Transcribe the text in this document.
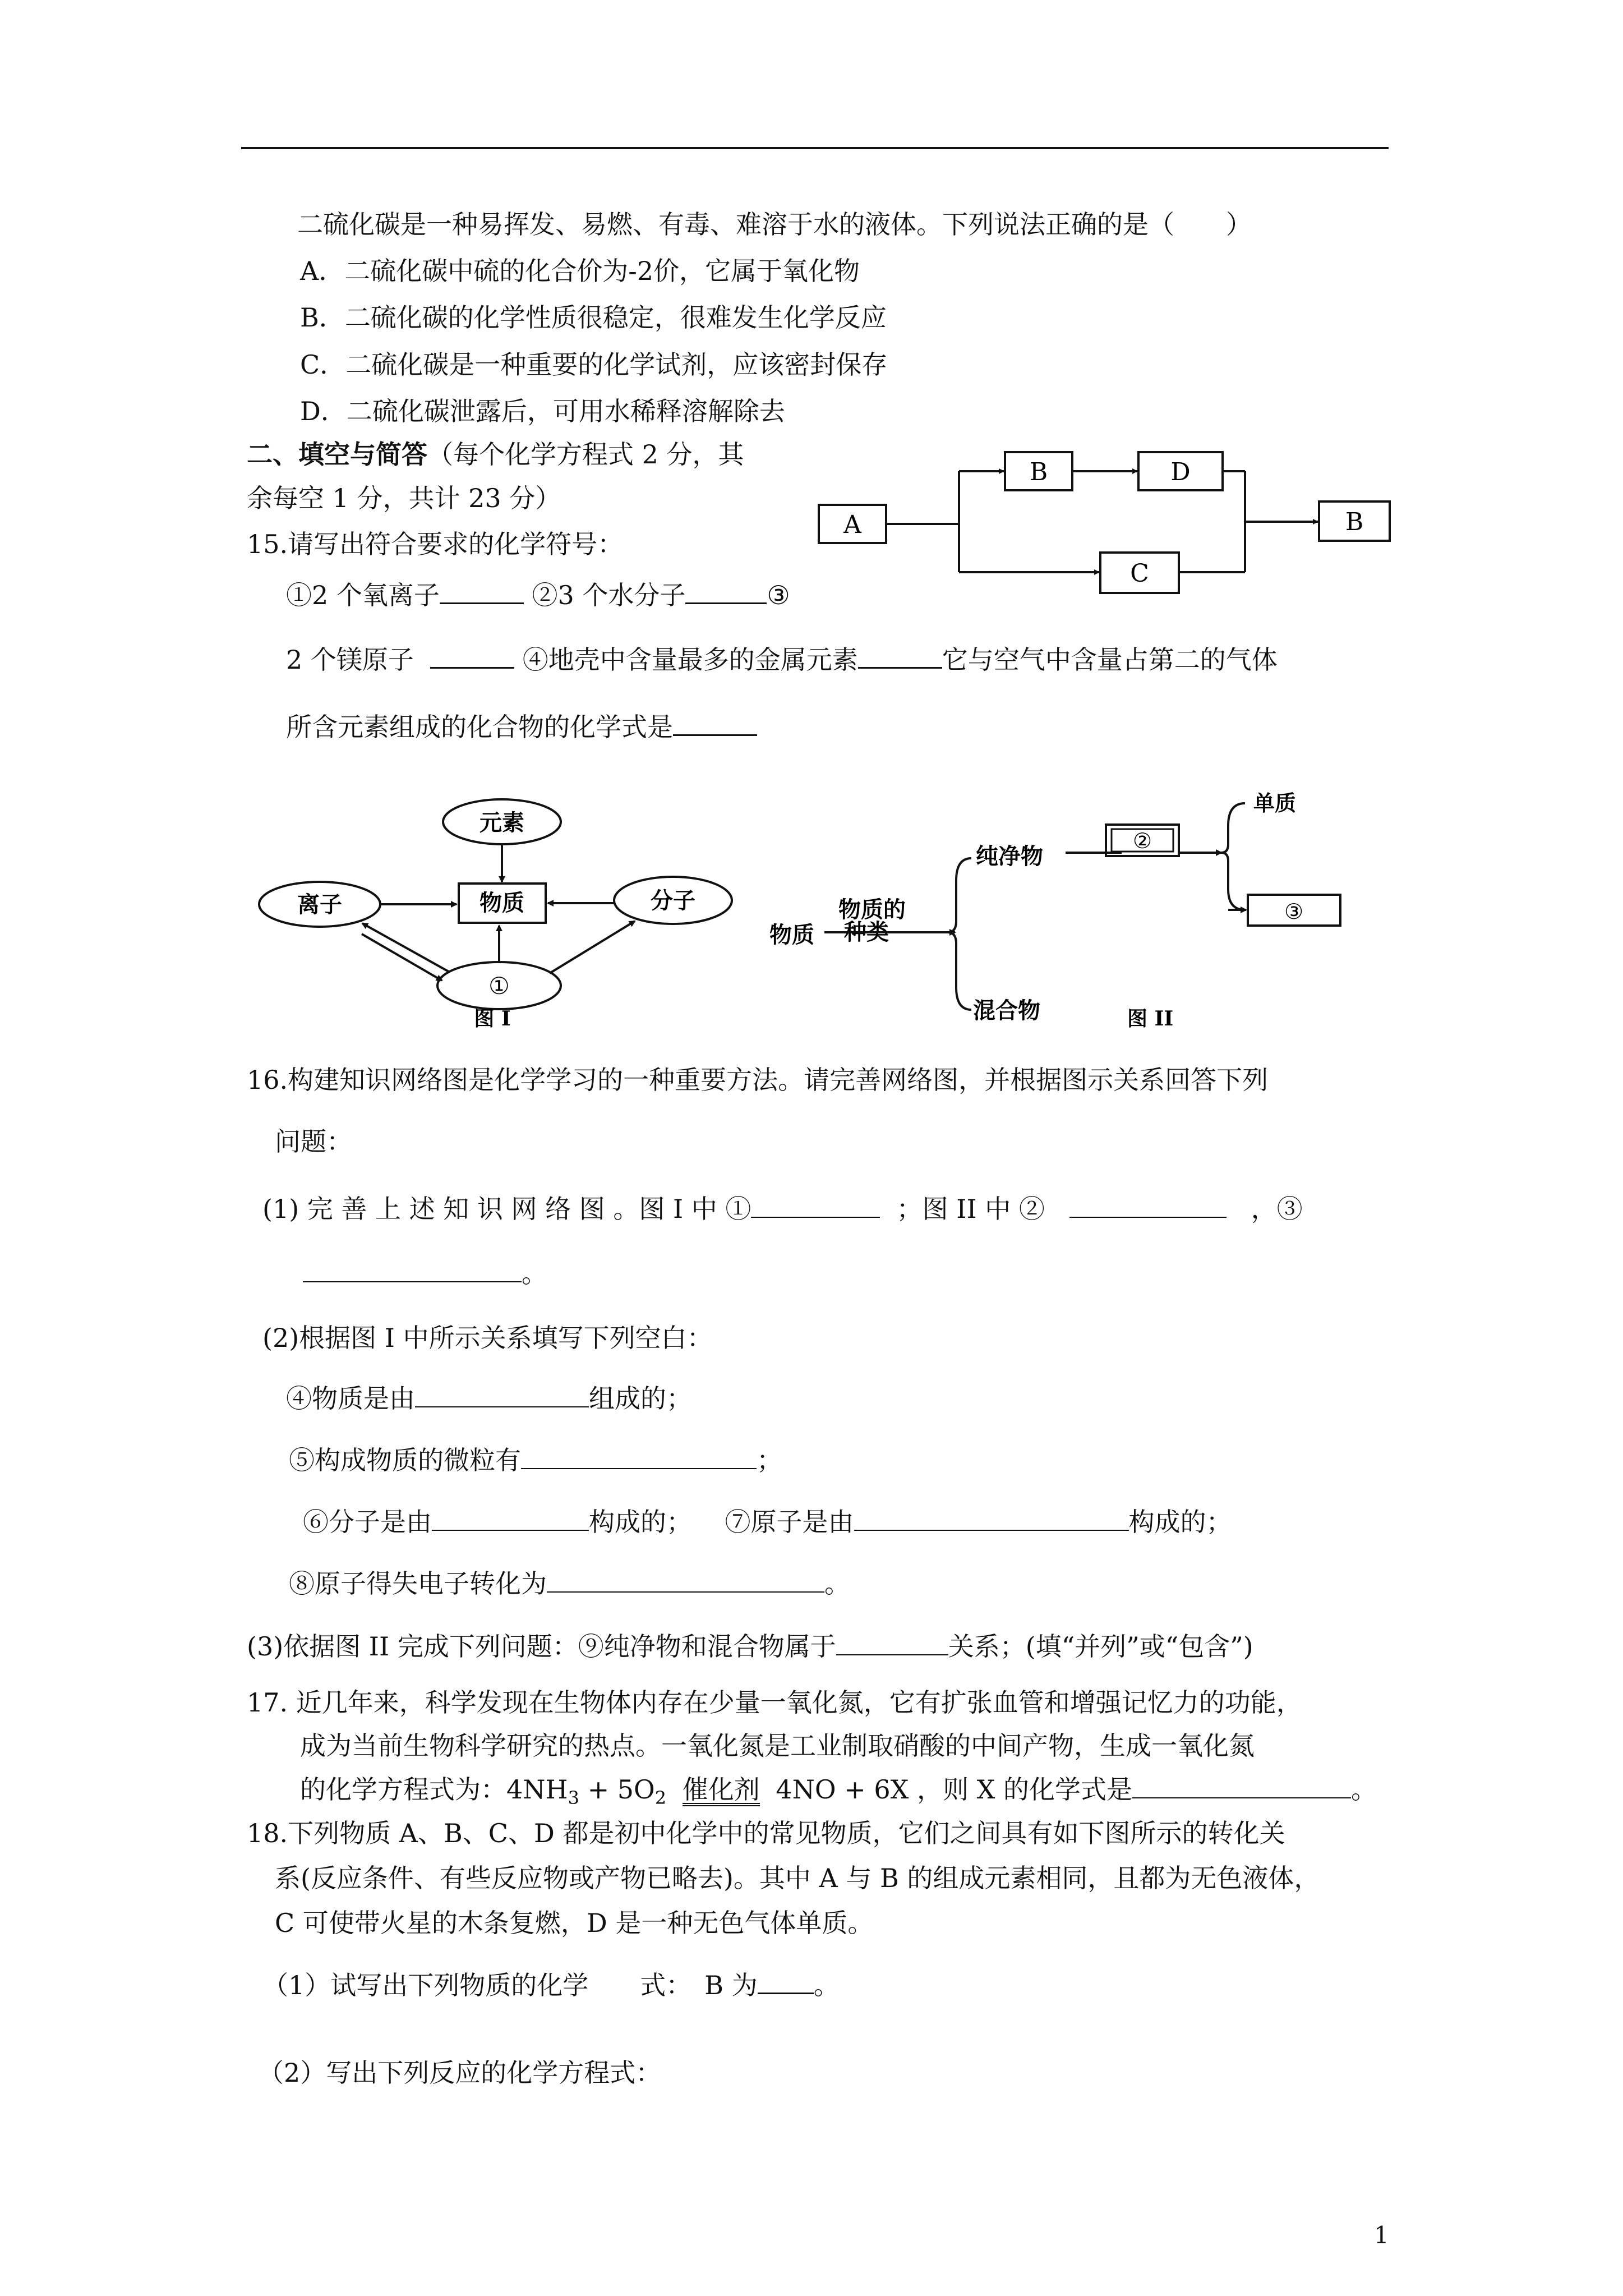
二硫化碳是一种易挥发、易燃、有毒、难溶于水的液体。下列说法正确的是（　　）
A．二硫化碳中硫的化合价为-2价，它属于氧化物
B．二硫化碳的化学性质很稳定，很难发生化学反应
C．二硫化碳是一种重要的化学试剂，应该密封保存
D．二硫化碳泄露后，可用水稀释溶解除去
二、填空与简答（每个化学方程式 2 分，其
余每空 1 分，共计 23 分）
A
B	D
C
B
15.请写出符合要求的化学符号：
①2 个氧离子	②3 个水分子	③
2 个镁原子	④地壳中含量最多的金属元素	它与空气中含量占第二的气体
所含元素组成的化合物的化学式是
元素
物质
离子	分子
①
图 I
物质
物质的
种类
纯净物
混合物
②
单质
③
图 II
16.构建知识网络图是化学学习的一种重要方法。请完善网络图，并根据图示关系回答下列
问题：
(1) 完 善 上 述 知 识 网 络 图 。图 I 中 ①	；图 II 中 ②	，③
。
(2)根据图 I 中所示关系填写下列空白：
④物质是由	组成的；
⑤构成物质的微粒有	；
⑥分子是由	构成的； ⑦原子是由	构成的；
⑧原子得失电子转化为	。
(3)依据图 II 完成下列问题：⑨纯净物和混合物属于	关系；(填“并列”或“包含”)
17. 近几年来，科学发现在生物体内存在少量一氧化氮，它有扩张血管和增强记忆力的功能，
成为当前生物科学研究的热点。一氧化氮是工业制取硝酸的中间产物，生成一氧化氮
的化学方程式为：$4NH_3 + 5O_2$ 催化剂 4NO + 6X ，则 X 的化学式是	。
18.下列物质 A、B、C、D 都是初中化学中的常见物质，它们之间具有如下图所示的转化关
系(反应条件、有些反应物或产物已略去)。其中 A 与 B 的组成元素相同，且都为无色液体，
C 可使带火星的木条复燃，D 是一种无色气体单质。
（1）试写出下列物质的化学　　式：　B 为 。
（2）写出下列反应的化学方程式：
1
